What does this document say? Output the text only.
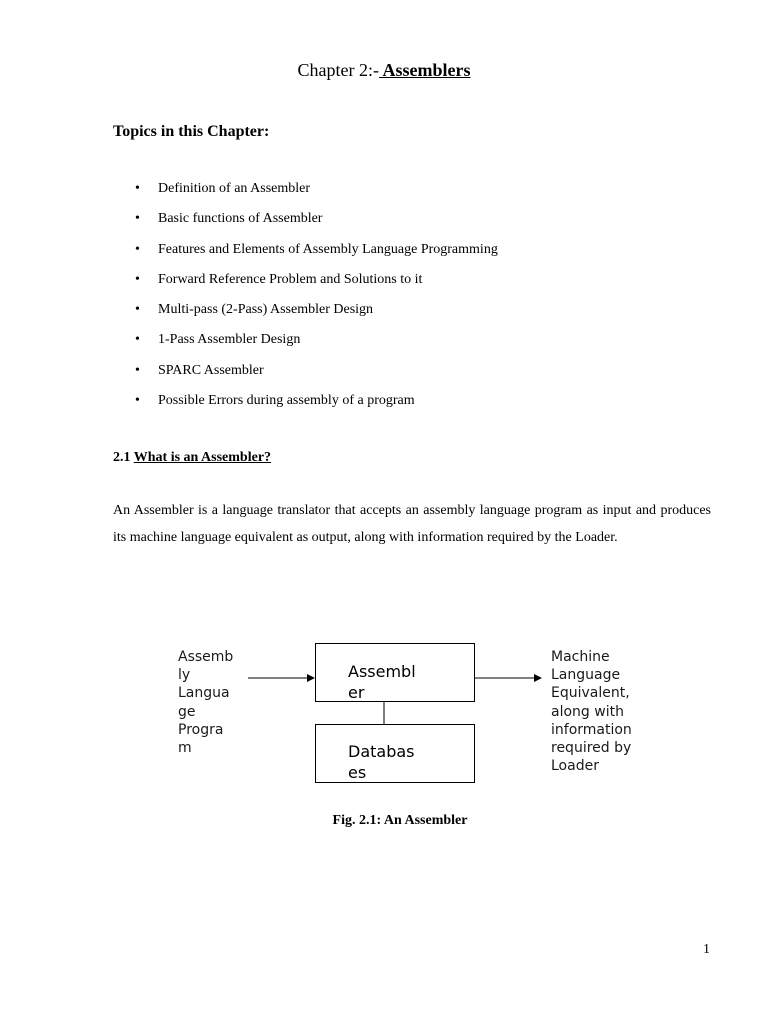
Chapter 2:- Assemblers
Topics in this Chapter:
• Definition of an Assembler
• Basic functions of Assembler
• Features and Elements of Assembly Language Programming
• Forward Reference Problem and Solutions to it
• Multi-pass (2-Pass) Assembler Design
• 1-Pass Assembler Design
• SPARC Assembler
• Possible Errors during assembly of a program
2.1 What is an Assembler?
An Assembler is a language translator that accepts an assembly language program as input and produces its machine language equivalent as output, along with information required by the Loader.
Assemb
ly
Langua
ge
Progra
m
Assembl
er
Databas
es
Machine
Language
Equivalent,
along with
information
required by
Loader
Fig. 2.1: An Assembler
1
